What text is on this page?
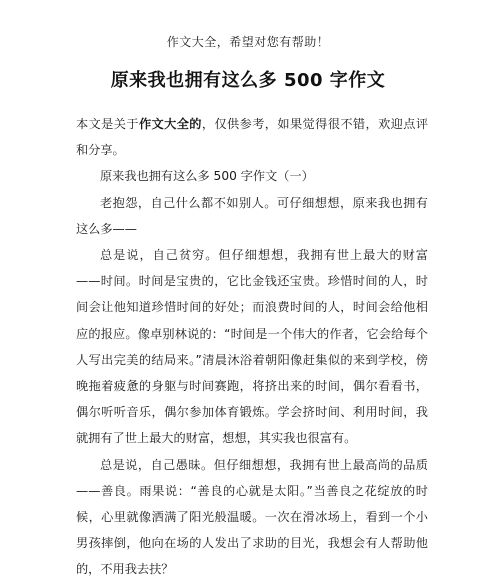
作文大全，希望对您有帮助！
原来我也拥有这么多 500 字作文

本文是关于作文大全的，仅供参考，如果觉得很不错，欢迎点评和分享。

原来我也拥有这么多 500 字作文（一）

老抱怨，自己什么都不如别人。可仔细想想，原来我也拥有这么多——

总是说，自己贫穷。但仔细想想，我拥有世上最大的财富——时间。时间是宝贵的，它比金钱还宝贵。珍惜时间的人，时间会让他知道珍惜时间的好处；而浪费时间的人，时间会给他相应的报应。像卓别林说的：“时间是一个伟大的作者，它会给每个人写出完美的结局来。”清晨沐浴着朝阳像赶集似的来到学校，傍晚拖着疲惫的身躯与时间赛跑，将挤出来的时间，偶尔看看书，偶尔听听音乐，偶尔参加体育锻炼。学会挤时间、利用时间，我就拥有了世上最大的财富，想想，其实我也很富有。

总是说，自己愚昧。但仔细想想，我拥有世上最高尚的品质——善良。雨果说：“善良的心就是太阳。”当善良之花绽放的时候，心里就像洒满了阳光般温暖。一次在滑冰场上，看到一个小男孩摔倒，他向在场的人发出了求助的目光，我想会有人帮助他的，不用我去扶？
